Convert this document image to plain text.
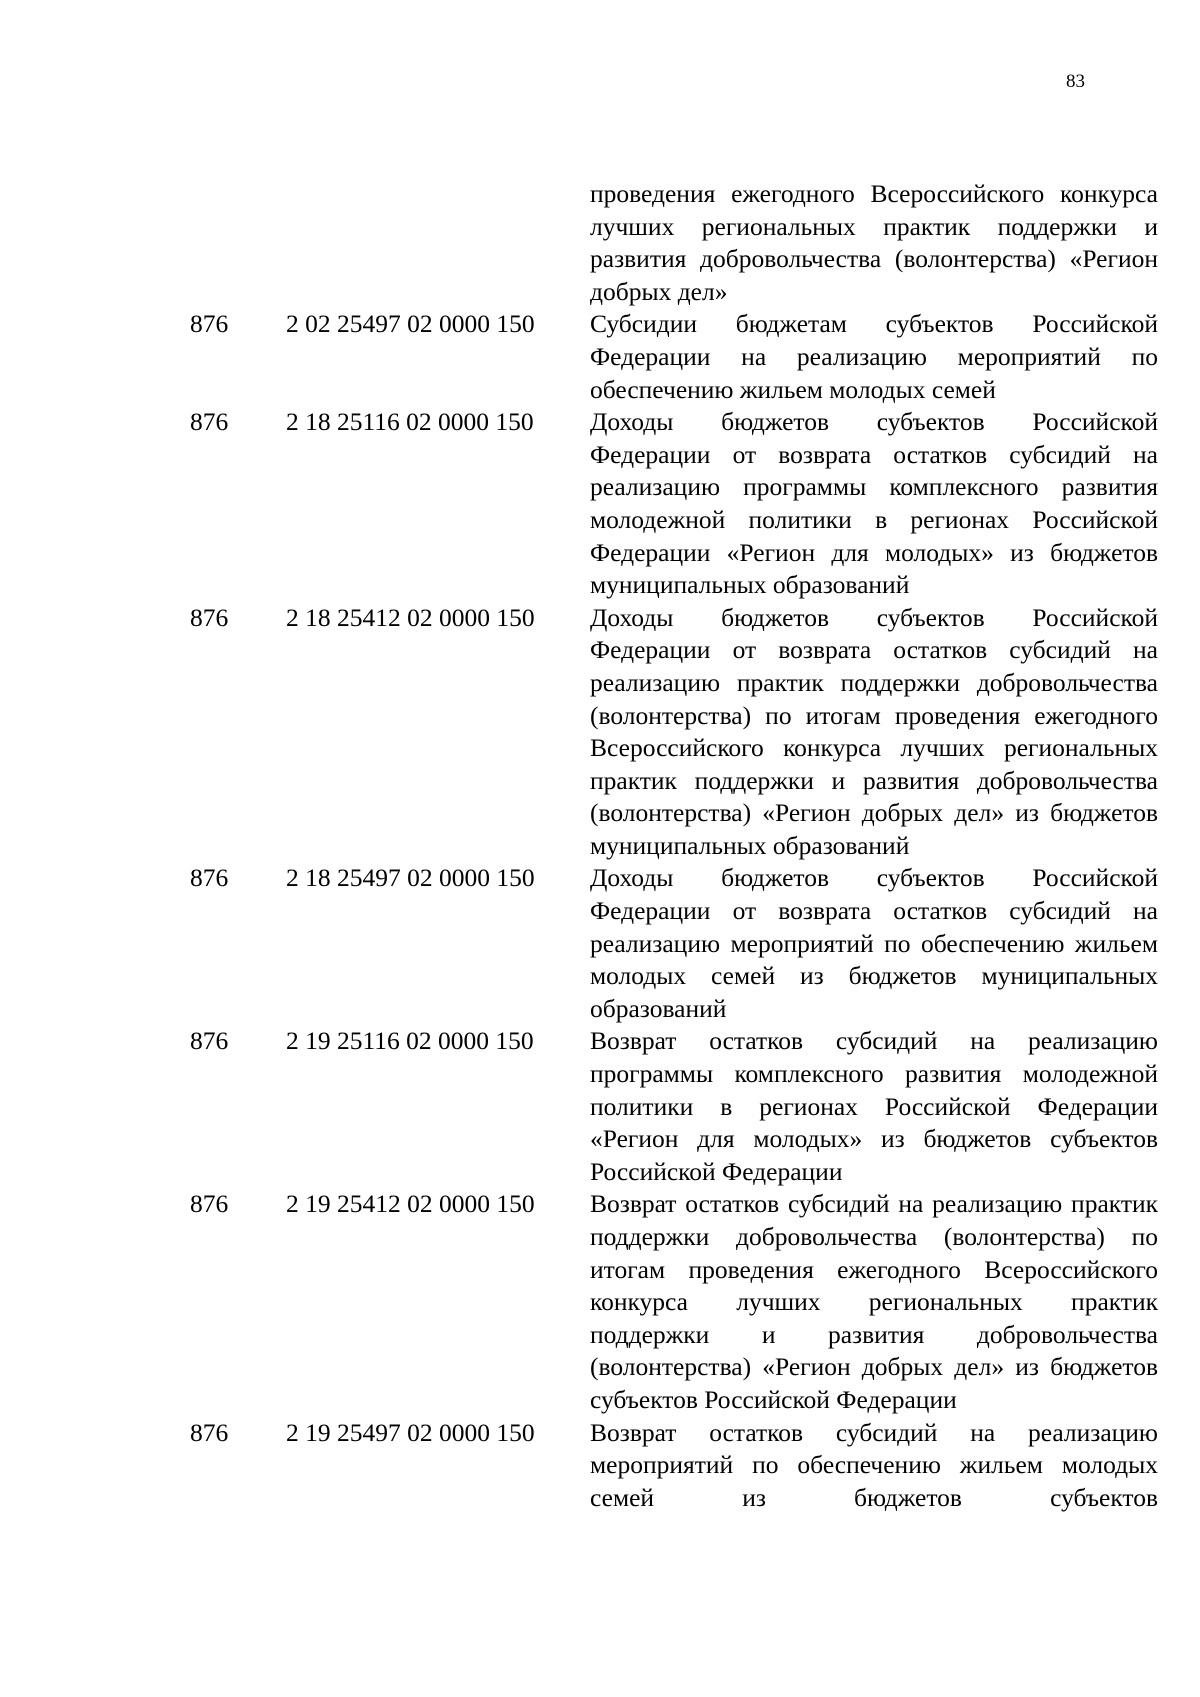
83
проведения ежегодного Всероссийского конкурса лучших региональных практик поддержки и развития добровольчества (волонтерства) «Регион добрых дел»
876 2 02 25497 02 0000 150 Субсидии бюджетам субъектов Российской Федерации на реализацию мероприятий по обеспечению жильем молодых семей
876 2 18 25116 02 0000 150 Доходы бюджетов субъектов Российской Федерации от возврата остатков субсидий на реализацию программы комплексного развития молодежной политики в регионах Российской Федерации «Регион для молодых» из бюджетов муниципальных образований
876 2 18 25412 02 0000 150 Доходы бюджетов субъектов Российской Федерации от возврата остатков субсидий на реализацию практик поддержки добровольчества (волонтерства) по итогам проведения ежегодного Всероссийского конкурса лучших региональных практик поддержки и развития добровольчества (волонтерства) «Регион добрых дел» из бюджетов муниципальных образований
876 2 18 25497 02 0000 150 Доходы бюджетов субъектов Российской Федерации от возврата остатков субсидий на реализацию мероприятий по обеспечению жильем молодых семей из бюджетов муниципальных образований
876 2 19 25116 02 0000 150 Возврат остатков субсидий на реализацию программы комплексного развития молодежной политики в регионах Российской Федерации «Регион для молодых» из бюджетов субъектов Российской Федерации
876 2 19 25412 02 0000 150 Возврат остатков субсидий на реализацию практик поддержки добровольчества (волонтерства) по итогам проведения ежегодного Всероссийского конкурса лучших региональных практик поддержки и развития добровольчества (волонтерства) «Регион добрых дел» из бюджетов субъектов Российской Федерации
876 2 19 25497 02 0000 150 Возврат остатков субсидий на реализацию мероприятий по обеспечению жильем молодых семей из бюджетов субъектов
